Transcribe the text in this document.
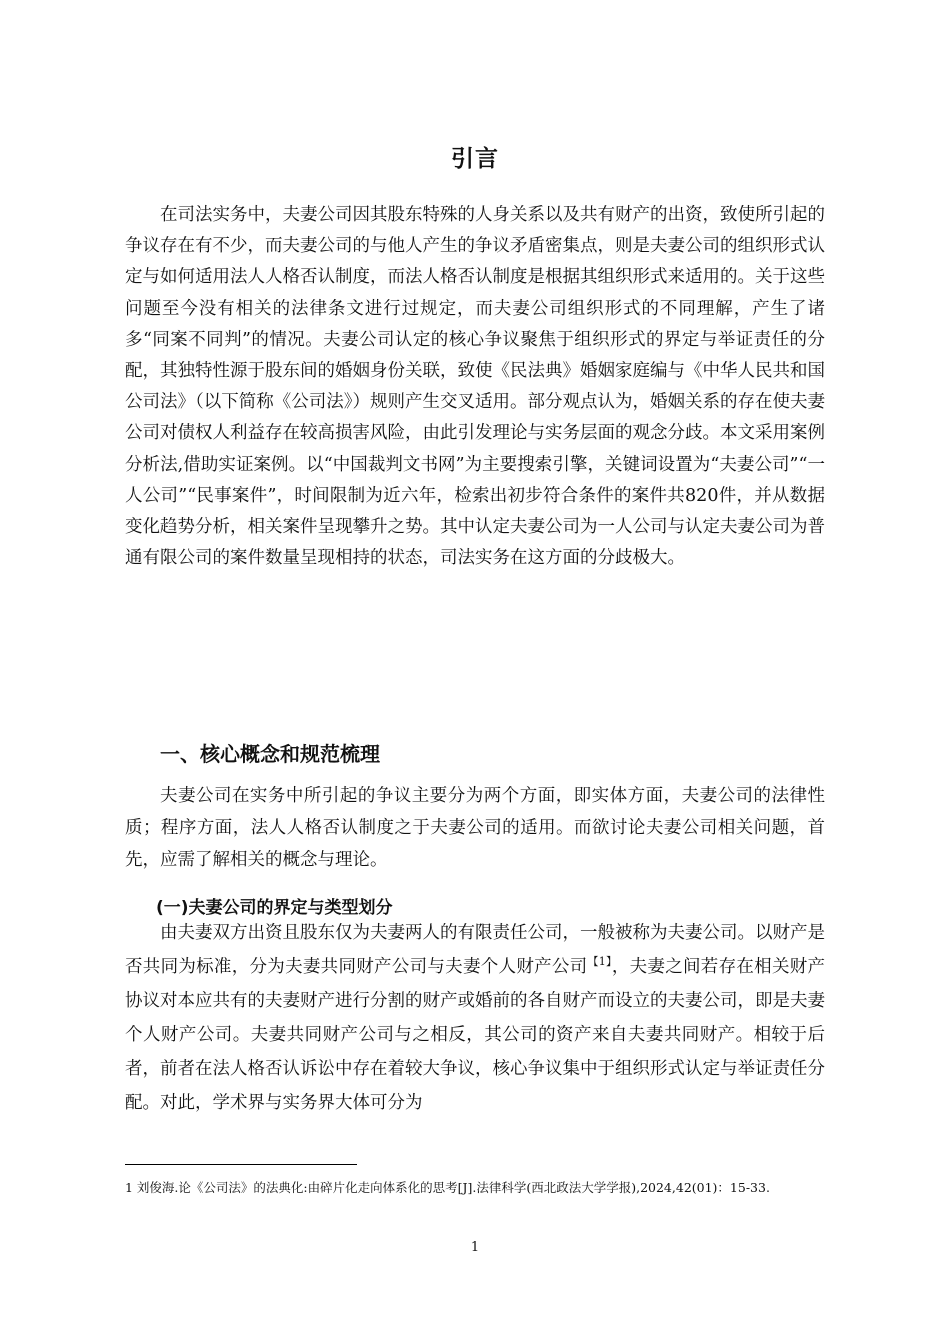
引言

在司法实务中，夫妻公司因其股东特殊的人身关系以及共有财产的出资，致使所引起的争议存在有不少，而夫妻公司的与他人产生的争议矛盾密集点，则是夫妻公司的组织形式认定与如何适用法人人格否认制度，而法人格否认制度是根据其组织形式来适用的。关于这些问题至今没有相关的法律条文进行过规定，而夫妻公司组织形式的不同理解，产生了诸多“同案不同判”的情况。夫妻公司认定的核心争议聚焦于组织形式的界定与举证责任的分配，其独特性源于股东间的婚姻身份关联，致使《民法典》婚姻家庭编与《中华人民共和国公司法》（以下简称《公司法》）规则产生交叉适用。部分观点认为，婚姻关系的存在使夫妻公司对债权人利益存在较高损害风险，由此引发理论与实务层面的观念分歧。本文采用案例分析法,借助实证案例。以“中国裁判文书网”为主要搜索引擎，关键词设置为“夫妻公司”“一人公司”“民事案件”，时间限制为近六年，检索出初步符合条件的案件共820件，并从数据变化趋势分析，相关案件呈现攀升之势。其中认定夫妻公司为一人公司与认定夫妻公司为普通有限公司的案件数量呈现相持的状态，司法实务在这方面的分歧极大。

一、核心概念和规范梳理

夫妻公司在实务中所引起的争议主要分为两个方面，即实体方面，夫妻公司的法律性质；程序方面，法人人格否认制度之于夫妻公司的适用。而欲讨论夫妻公司相关问题，首先，应需了解相关的概念与理论。

(一)夫妻公司的界定与类型划分

由夫妻双方出资且股东仅为夫妻两人的有限责任公司，一般被称为夫妻公司。以财产是否共同为标准，分为夫妻共同财产公司与夫妻个人财产公司$^{【1】}$，夫妻之间若存在相关财产协议对本应共有的夫妻财产进行分割的财产或婚前的各自财产而设立的夫妻公司，即是夫妻个人财产公司。夫妻共同财产公司与之相反，其公司的资产来自夫妻共同财产。相较于后者，前者在法人格否认诉讼中存在着较大争议，核心争议集中于组织形式认定与举证责任分配。对此，学术界与实务界大体可分为

1 刘俊海.论《公司法》的法典化:由碎片化走向体系化的思考[J].法律科学(西北政法大学学报),2024,42(01)：15-33.

1
